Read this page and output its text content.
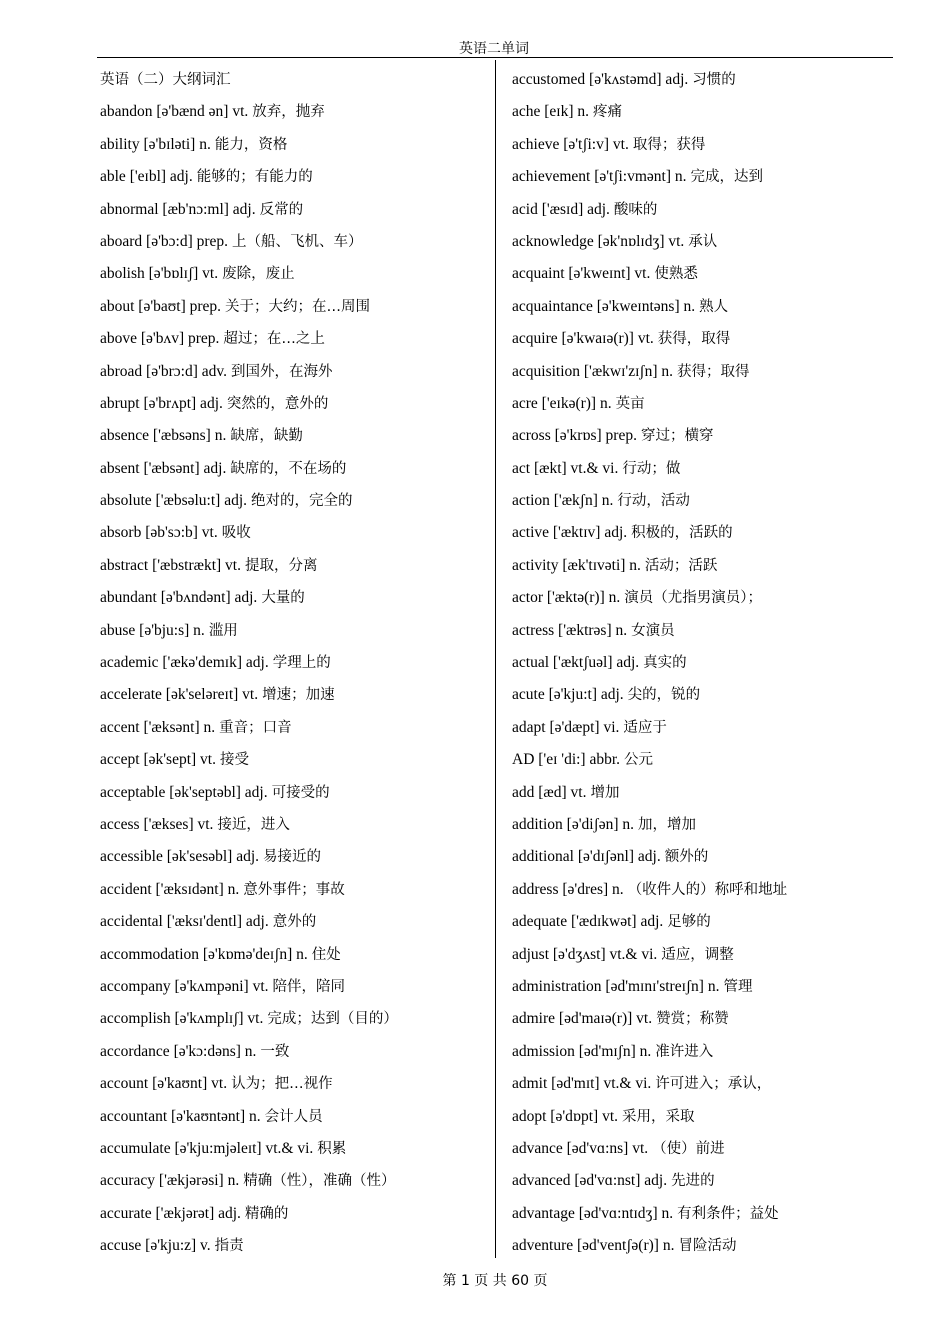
英语二单词
英语（二）大纲词汇
abandon [ə'bænd ən] vt. 放弃，抛弃
ability [ə'bɪləti] n. 能力，资格
able ['eɪbl] adj. 能够的；有能力的
abnormal [æb'nɔ:ml] adj. 反常的
aboard [ə'bɔ:d] prep. 上（船、飞机、车）
abolish [ə'bɒlɪʃ] vt. 废除，废止
about [ə'baʊt] prep. 关于；大约；在…周围
above [ə'bʌv] prep. 超过；在…之上
abroad [ə'brɔ:d] adv. 到国外，在海外
abrupt [ə'brʌpt] adj. 突然的，意外的
absence ['æbsəns] n. 缺席，缺勤
absent ['æbsənt] adj. 缺席的，不在场的
absolute ['æbsəlu:t] adj. 绝对的，完全的
absorb [əb'sɔ:b] vt. 吸收
abstract ['æbstrækt] vt. 提取，分离
abundant [ə'bʌndənt] adj. 大量的
abuse [ə'bju:s] n. 滥用
academic ['ækə'demɪk] adj. 学理上的
accelerate [ək'seləreɪt] vt. 增速；加速
accent ['æksənt] n. 重音；口音
accept [ək'sept] vt. 接受
acceptable [ək'septəbl] adj. 可接受的
access ['ækses] vt. 接近，进入
accessible [ək'sesəbl] adj. 易接近的
accident ['æksɪdənt] n. 意外事件；事故
accidental ['æksɪ'dentl] adj. 意外的
accommodation [ə'kɒmə'deɪʃn] n. 住处
accompany [ə'kʌmpəni] vt. 陪伴，陪同
accomplish [ə'kʌmplɪʃ] vt. 完成；达到（目的）
accordance [ə'kɔ:dəns] n. 一致
account [ə'kaʊnt] vt. 认为；把…视作
accountant [ə'kaʊntənt] n. 会计人员
accumulate [ə'kju:mjəleɪt] vt.& vi. 积累
accuracy ['ækjərəsi] n. 精确（性），准确（性）
accurate ['ækjərət] adj. 精确的
accuse [ə'kju:z] v. 指责
accustomed [ə'kʌstəmd] adj. 习惯的
ache [eɪk] n. 疼痛
achieve [ə'tʃi:v] vt. 取得；获得
achievement [ə'tʃi:vmənt] n. 完成，达到
acid ['æsɪd] adj. 酸味的
acknowledge [ək'nɒlɪdʒ] vt. 承认
acquaint [ə'kweɪnt] vt. 使熟悉
acquaintance [ə'kweɪntəns] n. 熟人
acquire [ə'kwaɪə(r)] vt. 获得，取得
acquisition ['ækwɪ'zɪʃn] n. 获得；取得
acre ['eɪkə(r)] n. 英亩
across [ə'krɒs] prep. 穿过；横穿
act [ækt] vt.& vi. 行动；做
action ['ækʃn] n. 行动，活动
active ['æktɪv] adj. 积极的，活跃的
activity [æk'tɪvəti] n. 活动；活跃
actor ['æktə(r)] n. 演员（尤指男演员）；
actress ['æktrəs] n. 女演员
actual ['æktʃuəl] adj. 真实的
acute [ə'kju:t] adj. 尖的，锐的
adapt [ə'dæpt] vi. 适应于
AD ['eɪ 'di:] abbr. 公元
add [æd] vt. 增加
addition [ə'diʃən] n. 加，增加
additional [ə'dɪʃənl] adj. 额外的
address [ə'dres] n. （收件人的）称呼和地址
adequate ['ædɪkwət] adj. 足够的
adjust [ə'dʒʌst] vt.& vi. 适应，调整
administration [əd'mɪnɪ'streɪʃn] n. 管理
admire [əd'maɪə(r)] vt. 赞赏；称赞
admission [əd'mɪʃn] n. 准许进入
admit [əd'mɪt] vt.& vi. 许可进入；承认，
adopt [ə'dɒpt] vt. 采用，采取
advance [əd'vɑ:ns] vt. （使）前进
advanced [əd'vɑ:nst] adj. 先进的
advantage [əd'vɑ:ntɪdʒ] n. 有利条件；益处
adventure [əd'ventʃə(r)] n. 冒险活动
第 1 页 共 60 页
